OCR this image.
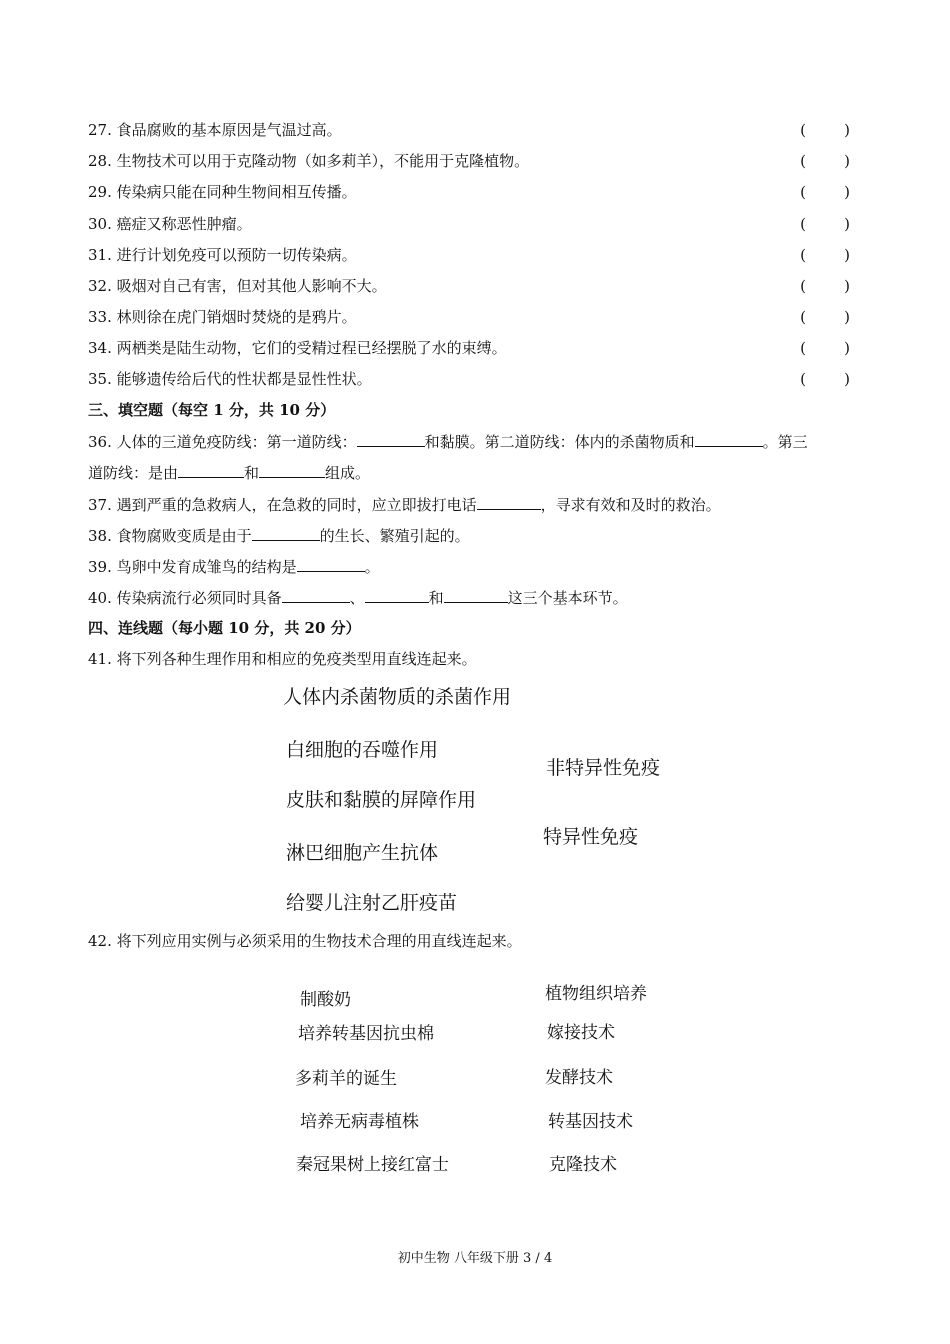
27. 食品腐败的基本原因是气温过高。	(        )
28. 生物技术可以用于克隆动物（如多莉羊），不能用于克隆植物。	(        )
29. 传染病只能在同种生物间相互传播。	(        )
30. 癌症又称恶性肿瘤。	(        )
31. 进行计划免疫可以预防一切传染病。	(        )
32. 吸烟对自己有害，但对其他人影响不大。	(        )
33. 林则徐在虎门销烟时焚烧的是鸦片。	(        )
34. 两栖类是陆生动物，它们的受精过程已经摆脱了水的束缚。	(        )
35. 能够遗传给后代的性状都是显性性状。	(        )
三、填空题（每空 1 分，共 10 分）
36. 人体的三道免疫防线：第一道防线：	和黏膜。第二道防线：体内的杀菌物质和	。第三
道防线：是由	和	组成。
37. 遇到严重的急救病人，在急救的同时，应立即拔打电话	，寻求有效和及时的救治。
38. 食物腐败变质是由于	的生长、繁殖引起的。
39. 鸟卵中发育成雏鸟的结构是	。
40. 传染病流行必须同时具备	、	和	这三个基本环节。
四、连线题（每小题 10 分，共 20 分）
41. 将下列各种生理作用和相应的免疫类型用直线连起来。
人体内杀菌物质的杀菌作用
白细胞的吞噬作用
皮肤和黏膜的屏障作用
淋巴细胞产生抗体
给婴儿注射乙肝疫苗
非特异性免疫
特异性免疫
42. 将下列应用实例与必须采用的生物技术合理的用直线连起来。
制酸奶
培养转基因抗虫棉
多莉羊的诞生
培养无病毒植株
秦冠果树上接红富士
植物组织培养
嫁接技术
发酵技术
转基因技术
克隆技术
初中生物 八年级下册 3 / 4
